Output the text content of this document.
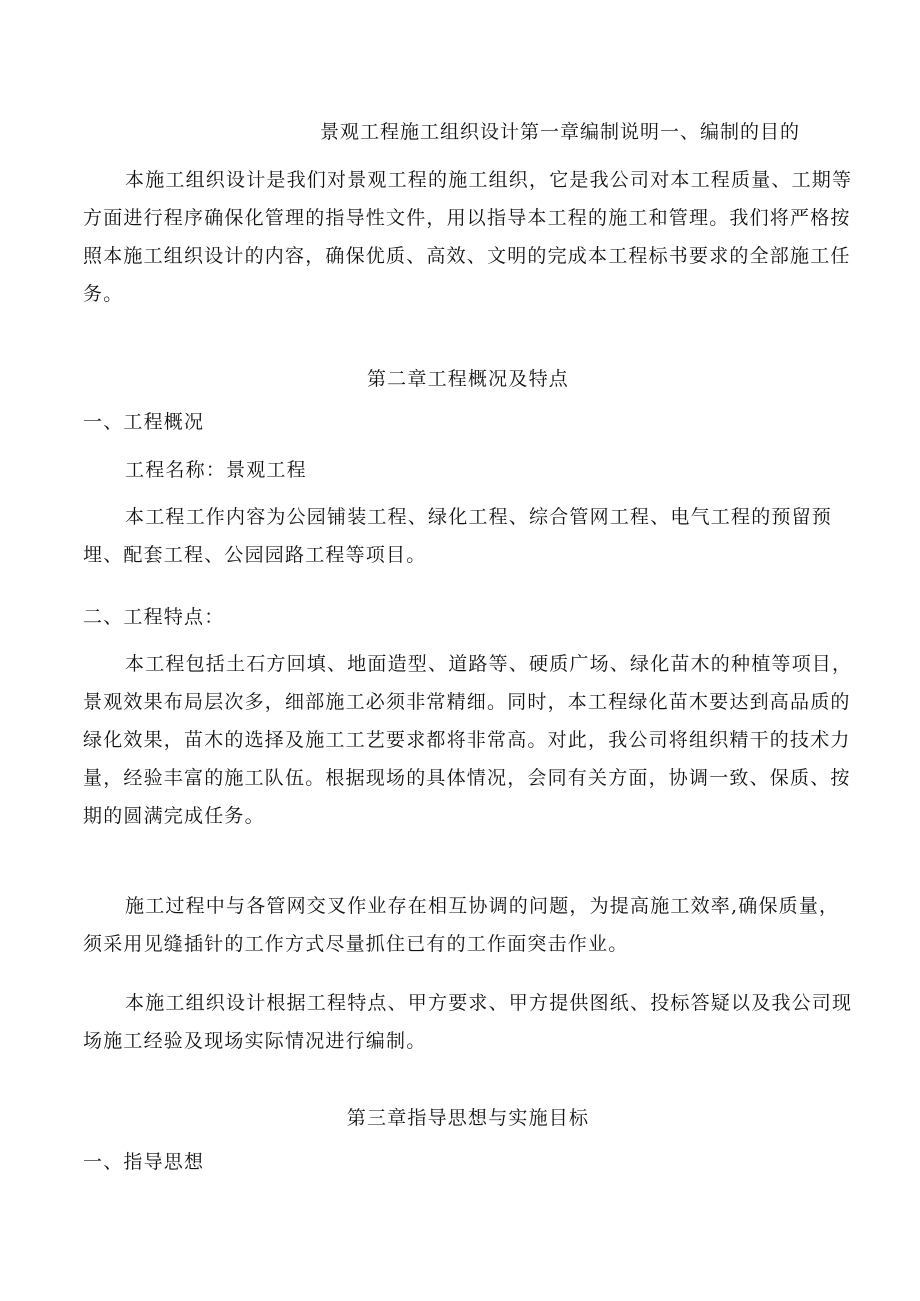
景观工程施工组织设计第一章编制说明一、编制的目的
本施工组织设计是我们对景观工程的施工组织，它是我公司对本工程质量、工期等方面进行程序确保化管理的指导性文件，用以指导本工程的施工和管理。我们将严格按照本施工组织设计的内容，确保优质、高效、文明的完成本工程标书要求的全部施工任务。
第二章工程概况及特点
一、工程概况
工程名称：景观工程
本工程工作内容为公园铺装工程、绿化工程、综合管网工程、电气工程的预留预埋、配套工程、公园园路工程等项目。
二、工程特点：
本工程包括土石方回填、地面造型、道路等、硬质广场、绿化苗木的种植等项目，景观效果布局层次多，细部施工必须非常精细。同时，本工程绿化苗木要达到高品质的绿化效果，苗木的选择及施工工艺要求都将非常高。对此，我公司将组织精干的技术力量，经验丰富的施工队伍。根据现场的具体情况，会同有关方面，协调一致、保质、按期的圆满完成任务。
施工过程中与各管网交叉作业存在相互协调的问题，为提高施工效率,确保质量，须采用见缝插针的工作方式尽量抓住已有的工作面突击作业。
本施工组织设计根据工程特点、甲方要求、甲方提供图纸、投标答疑以及我公司现场施工经验及现场实际情况进行编制。
第三章指导思想与实施目标
一、指导思想
